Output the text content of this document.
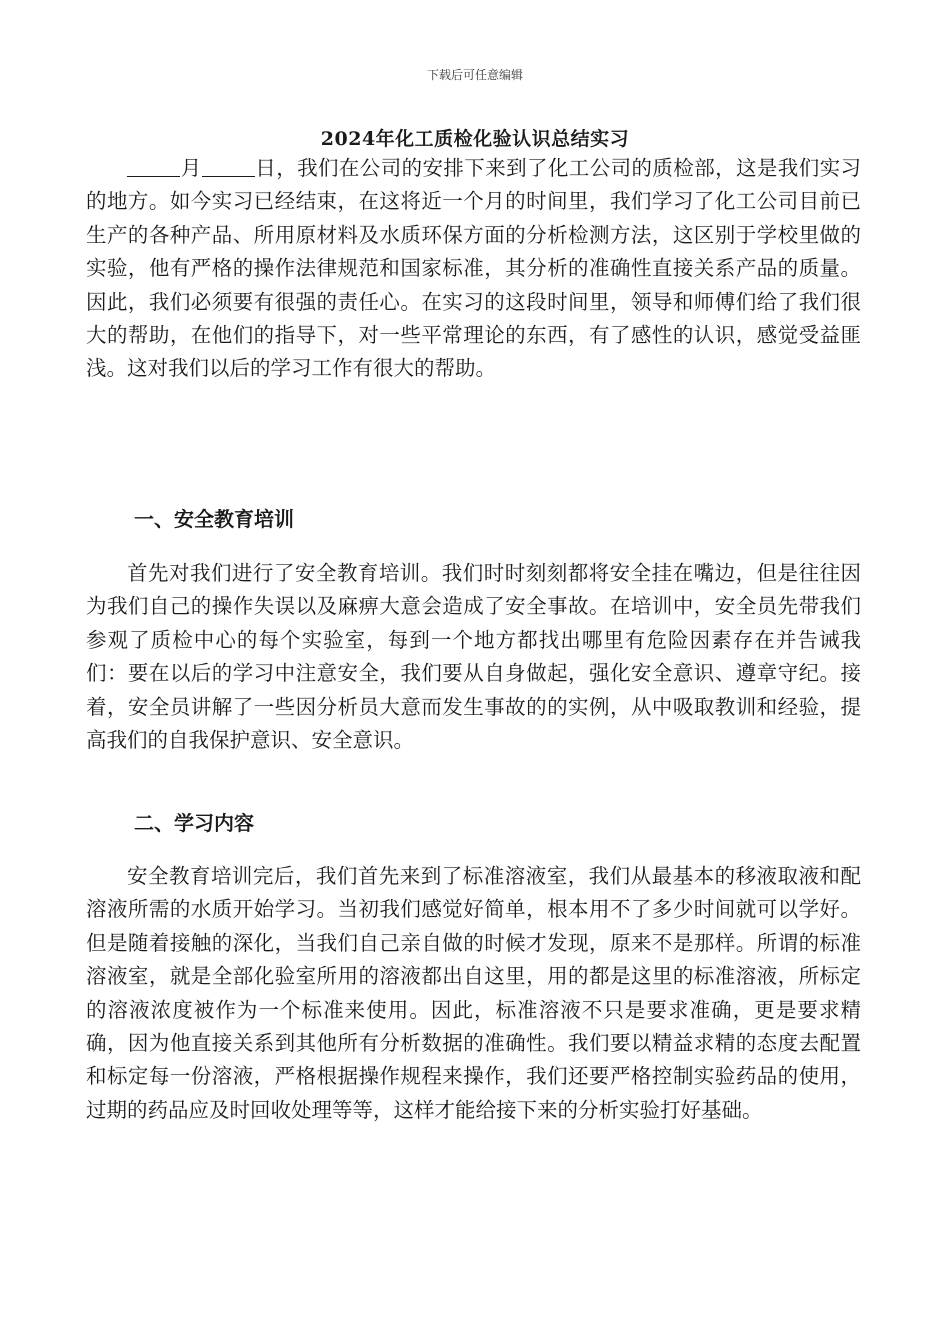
下载后可任意编辑
2024年化工质检化验认识总结实习

月	日，我们在公司的安排下来到了化工公司的质检部，这是我们实习的地方。如今实习已经结束，在这将近一个月的时间里，我们学习了化工公司目前已生产的各种产品、所用原材料及水质环保方面的分析检测方法，这区别于学校里做的实验，他有严格的操作法律规范和国家标准，其分析的准确性直接关系产品的质量。因此，我们必须要有很强的责任心。在实习的这段时间里，领导和师傅们给了我们很大的帮助，在他们的指导下，对一些平常理论的东西，有了感性的认识，感觉受益匪浅。这对我们以后的学习工作有很大的帮助。

一、安全教育培训

首先对我们进行了安全教育培训。我们时时刻刻都将安全挂在嘴边，但是往往因为我们自己的操作失误以及麻痹大意会造成了安全事故。在培训中，安全员先带我们参观了质检中心的每个实验室，每到一个地方都找出哪里有危险因素存在并告诫我们：要在以后的学习中注意安全，我们要从自身做起，强化安全意识、遵章守纪。接着，安全员讲解了一些因分析员大意而发生事故的的实例，从中吸取教训和经验，提高我们的自我保护意识、安全意识。

二、学习内容

安全教育培训完后，我们首先来到了标准溶液室，我们从最基本的移液取液和配溶液所需的水质开始学习。当初我们感觉好简单，根本用不了多少时间就可以学好。但是随着接触的深化，当我们自己亲自做的时候才发现，原来不是那样。所谓的标准溶液室，就是全部化验室所用的溶液都出自这里，用的都是这里的标准溶液，所标定的溶液浓度被作为一个标准来使用。因此，标准溶液不只是要求准确，更是要求精确，因为他直接关系到其他所有分析数据的准确性。我们要以精益求精的态度去配置和标定每一份溶液，严格根据操作规程来操作，我们还要严格控制实验药品的使用，过期的药品应及时回收处理等等，这样才能给接下来的分析实验打好基础。
